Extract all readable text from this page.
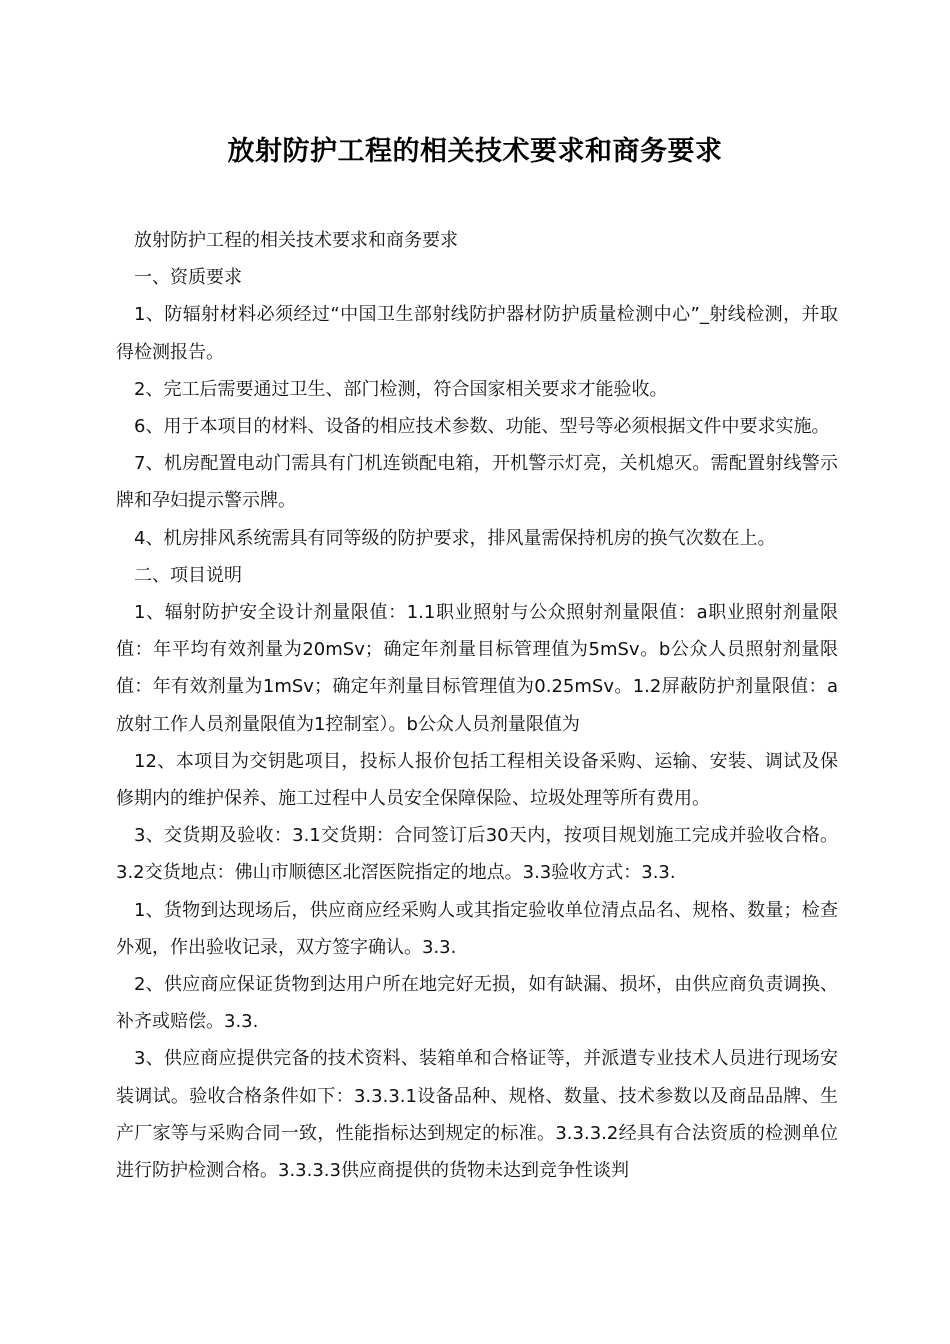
放射防护工程的相关技术要求和商务要求

放射防护工程的相关技术要求和商务要求

一、资质要求

1、防辐射材料必须经过“中国卫生部射线防护器材防护质量检测中心”_射线检测，并取得检测报告。

2、完工后需要通过卫生、部门检测，符合国家相关要求才能验收。

6、用于本项目的材料、设备的相应技术参数、功能、型号等必须根据文件中要求实施。

7、机房配置电动门需具有门机连锁配电箱，开机警示灯亮，关机熄灭。需配置射线警示牌和孕妇提示警示牌。

4、机房排风系统需具有同等级的防护要求，排风量需保持机房的换气次数在上。

二、项目说明

1、辐射防护安全设计剂量限值：1.1职业照射与公众照射剂量限值：a职业照射剂量限值：年平均有效剂量为20mSv；确定年剂量目标管理值为5mSv。b公众人员照射剂量限值：年有效剂量为1mSv；确定年剂量目标管理值为0.25mSv。1.2屏蔽防护剂量限值：a放射工作人员剂量限值为1控制室）。b公众人员剂量限值为

12、本项目为交钥匙项目，投标人报价包括工程相关设备采购、运输、安装、调试及保修期内的维护保养、施工过程中人员安全保障保险、垃圾处理等所有费用。

3、交货期及验收：3.1交货期：合同签订后30天内，按项目规划施工完成并验收合格。3.2交货地点：佛山市顺德区北滘医院指定的地点。3.3验收方式：3.3.

1、货物到达现场后，供应商应经采购人或其指定验收单位清点品名、规格、数量；检查外观，作出验收记录，双方签字确认。3.3.

2、供应商应保证货物到达用户所在地完好无损，如有缺漏、损坏，由供应商负责调换、补齐或赔偿。3.3.

3、供应商应提供完备的技术资料、装箱单和合格证等，并派遣专业技术人员进行现场安装调试。验收合格条件如下：3.3.3.1设备品种、规格、数量、技术参数以及商品品牌、生产厂家等与采购合同一致，性能指标达到规定的标准。3.3.3.2经具有合法资质的检测单位进行防护检测合格。3.3.3.3供应商提供的货物未达到竞争性谈判
